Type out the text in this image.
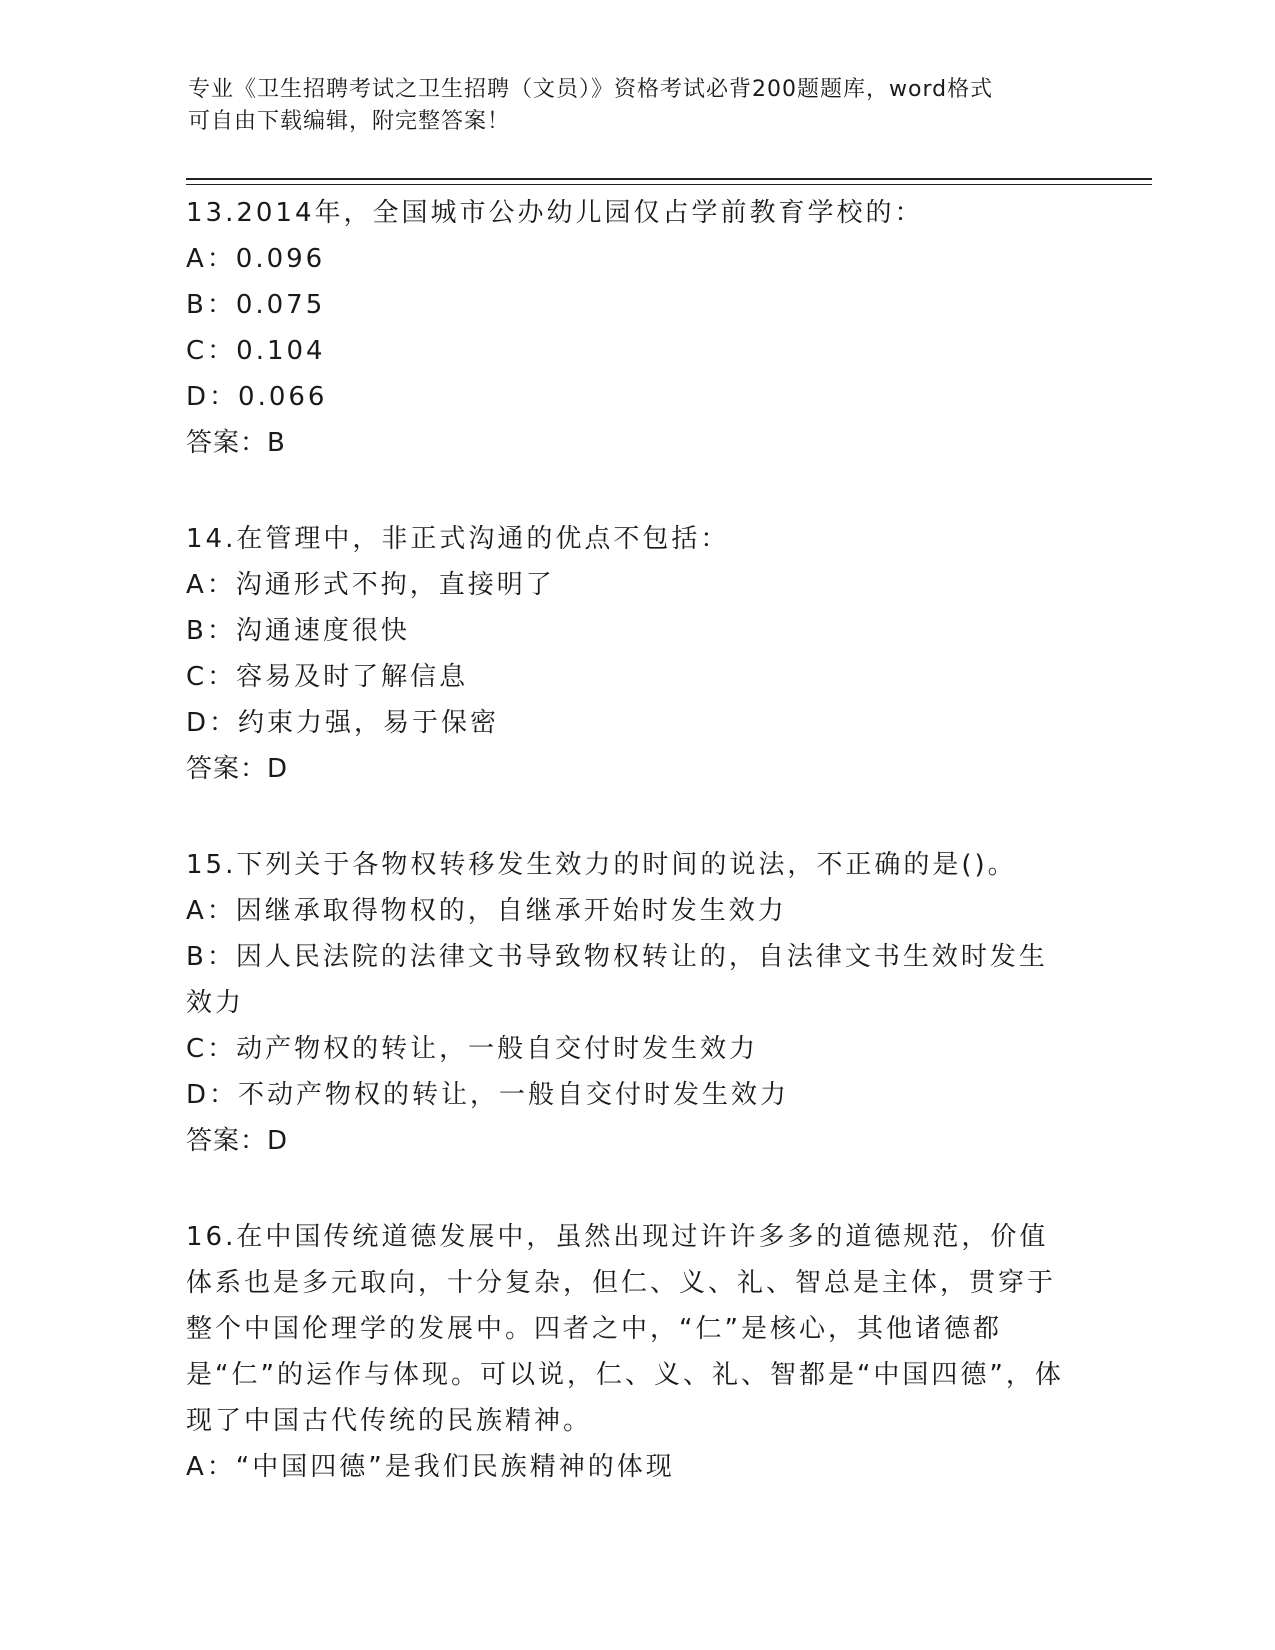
专业《卫生招聘考试之卫生招聘（文员）》资格考试必背200题题库，word格式
可自由下载编辑，附完整答案！
13.2014年，全国城市公办幼儿园仅占学前教育学校的：
A：0.096
B：0.075
C：0.104
D：0.066
答案：B
14.在管理中，非正式沟通的优点不包括：
A：沟通形式不拘，直接明了
B：沟通速度很快
C：容易及时了解信息
D：约束力强，易于保密
答案：D
15.下列关于各物权转移发生效力的时间的说法，不正确的是()。
A：因继承取得物权的，自继承开始时发生效力
B：因人民法院的法律文书导致物权转让的，自法律文书生效时发生效力
C：动产物权的转让，一般自交付时发生效力
D：不动产物权的转让，一般自交付时发生效力
答案：D
16.在中国传统道德发展中，虽然出现过许许多多的道德规范，价值体系也是多元取向，十分复杂，但仁、义、礼、智总是主体，贯穿于整个中国伦理学的发展中。四者之中，“仁”是核心，其他诸德都是“仁”的运作与体现。可以说，仁、义、礼、智都是“中国四德”，体现了中国古代传统的民族精神。
A：“中国四德”是我们民族精神的体现
